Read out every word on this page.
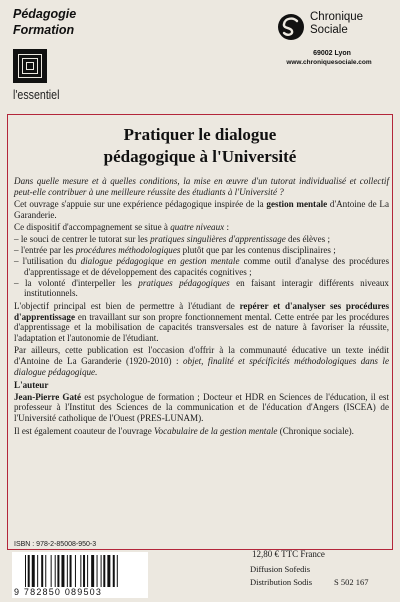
Pédagogie
Formation
l'essentiel
Chronique
Sociale
69002 Lyon
www.chroniquesociale.com
Pratiquer le dialogue
pédagogique à l'Université

Dans quelle mesure et à quelles conditions, la mise en œuvre d'un tutorat individualisé et collectif peut-elle contribuer à une meilleure réussite des étudiants à l'Université ?

Cet ouvrage s'appuie sur une expérience pédagogique inspirée de la gestion mentale d'Antoine de La Garanderie.

Ce dispositif d'accompagnement se situe à quatre niveaux :

– le souci de centrer le tutorat sur les pratiques singulières d'apprentissage des élèves ;
– l'entrée par les procédures méthodologiques plutôt que par les contenus disciplinaires ;
– l'utilisation du dialogue pédagogique en gestion mentale comme outil d'analyse des procédures d'apprentissage et de développement des capacités cognitives ;
– la volonté d'interpeller les pratiques pédagogiques en faisant interagir différents niveaux institutionnels.

L'objectif principal est bien de permettre à l'étudiant de repérer et d'analyser ses procédures d'apprentissage en travaillant sur son propre fonctionnement mental. Cette entrée par les procédures d'apprentissage et la mobilisation de capacités transversales est de nature à favoriser la réussite, l'adaptation et l'autonomie de l'étudiant.

Par ailleurs, cette publication est l'occasion d'offrir à la communauté éducative un texte inédit d'Antoine de La Garanderie (1920-2010) : objet, finalité et spécificités méthodologiques dans le dialogue pédagogique.

L'auteur

Jean-Pierre Gaté est psychologue de formation ; Docteur et HDR en Sciences de l'éducation, il est professeur à l'Institut des Sciences de la communication et de l'éducation d'Angers (ISCEA) de l'Université catholique de l'Ouest (PRES-LUNAM).

Il est également coauteur de l'ouvrage Vocabulaire de la gestion mentale (Chronique sociale).

ISBN : 978-2-85008-950-3
9 782850 089503
12,80 € TTC France
Diffusion Sofedis
Distribution Sodis	S 502 167
